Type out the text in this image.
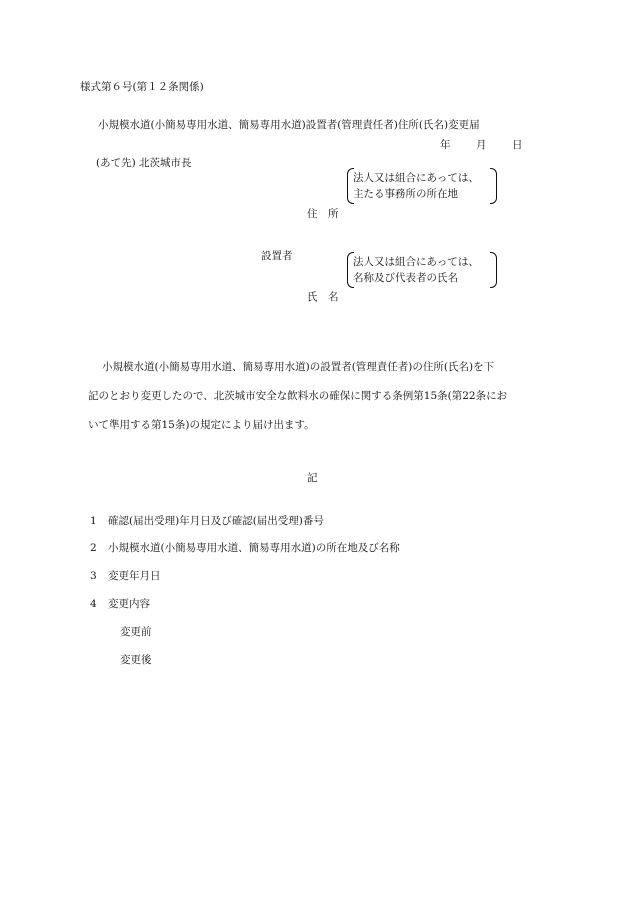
様式第６号(第１２条関係)
小規模水道(小簡易専用水道、簡易専用水道)設置者(管理責任者)住所(氏名)変更届
年 月 日
(あて先) 北茨城市長
法人又は組合にあっては、
主たる事務所の所在地
住　所
設置者	法人又は組合にあっては、
名称及び代表者の氏名
氏　名
小規模水道(小簡易専用水道、簡易専用水道)の設置者(管理責任者)の住所(氏名)を下
記のとおり変更したので、北茨城市安全な飲料水の確保に関する条例第15条(第22条にお
いて準用する第15条)の規定により届け出ます。
記
1 確認(届出受理)年月日及び確認(届出受理)番号
2 小規模水道(小簡易専用水道、簡易専用水道)の所在地及び名称
3 変更年月日
4 変更内容
変更前
変更後
